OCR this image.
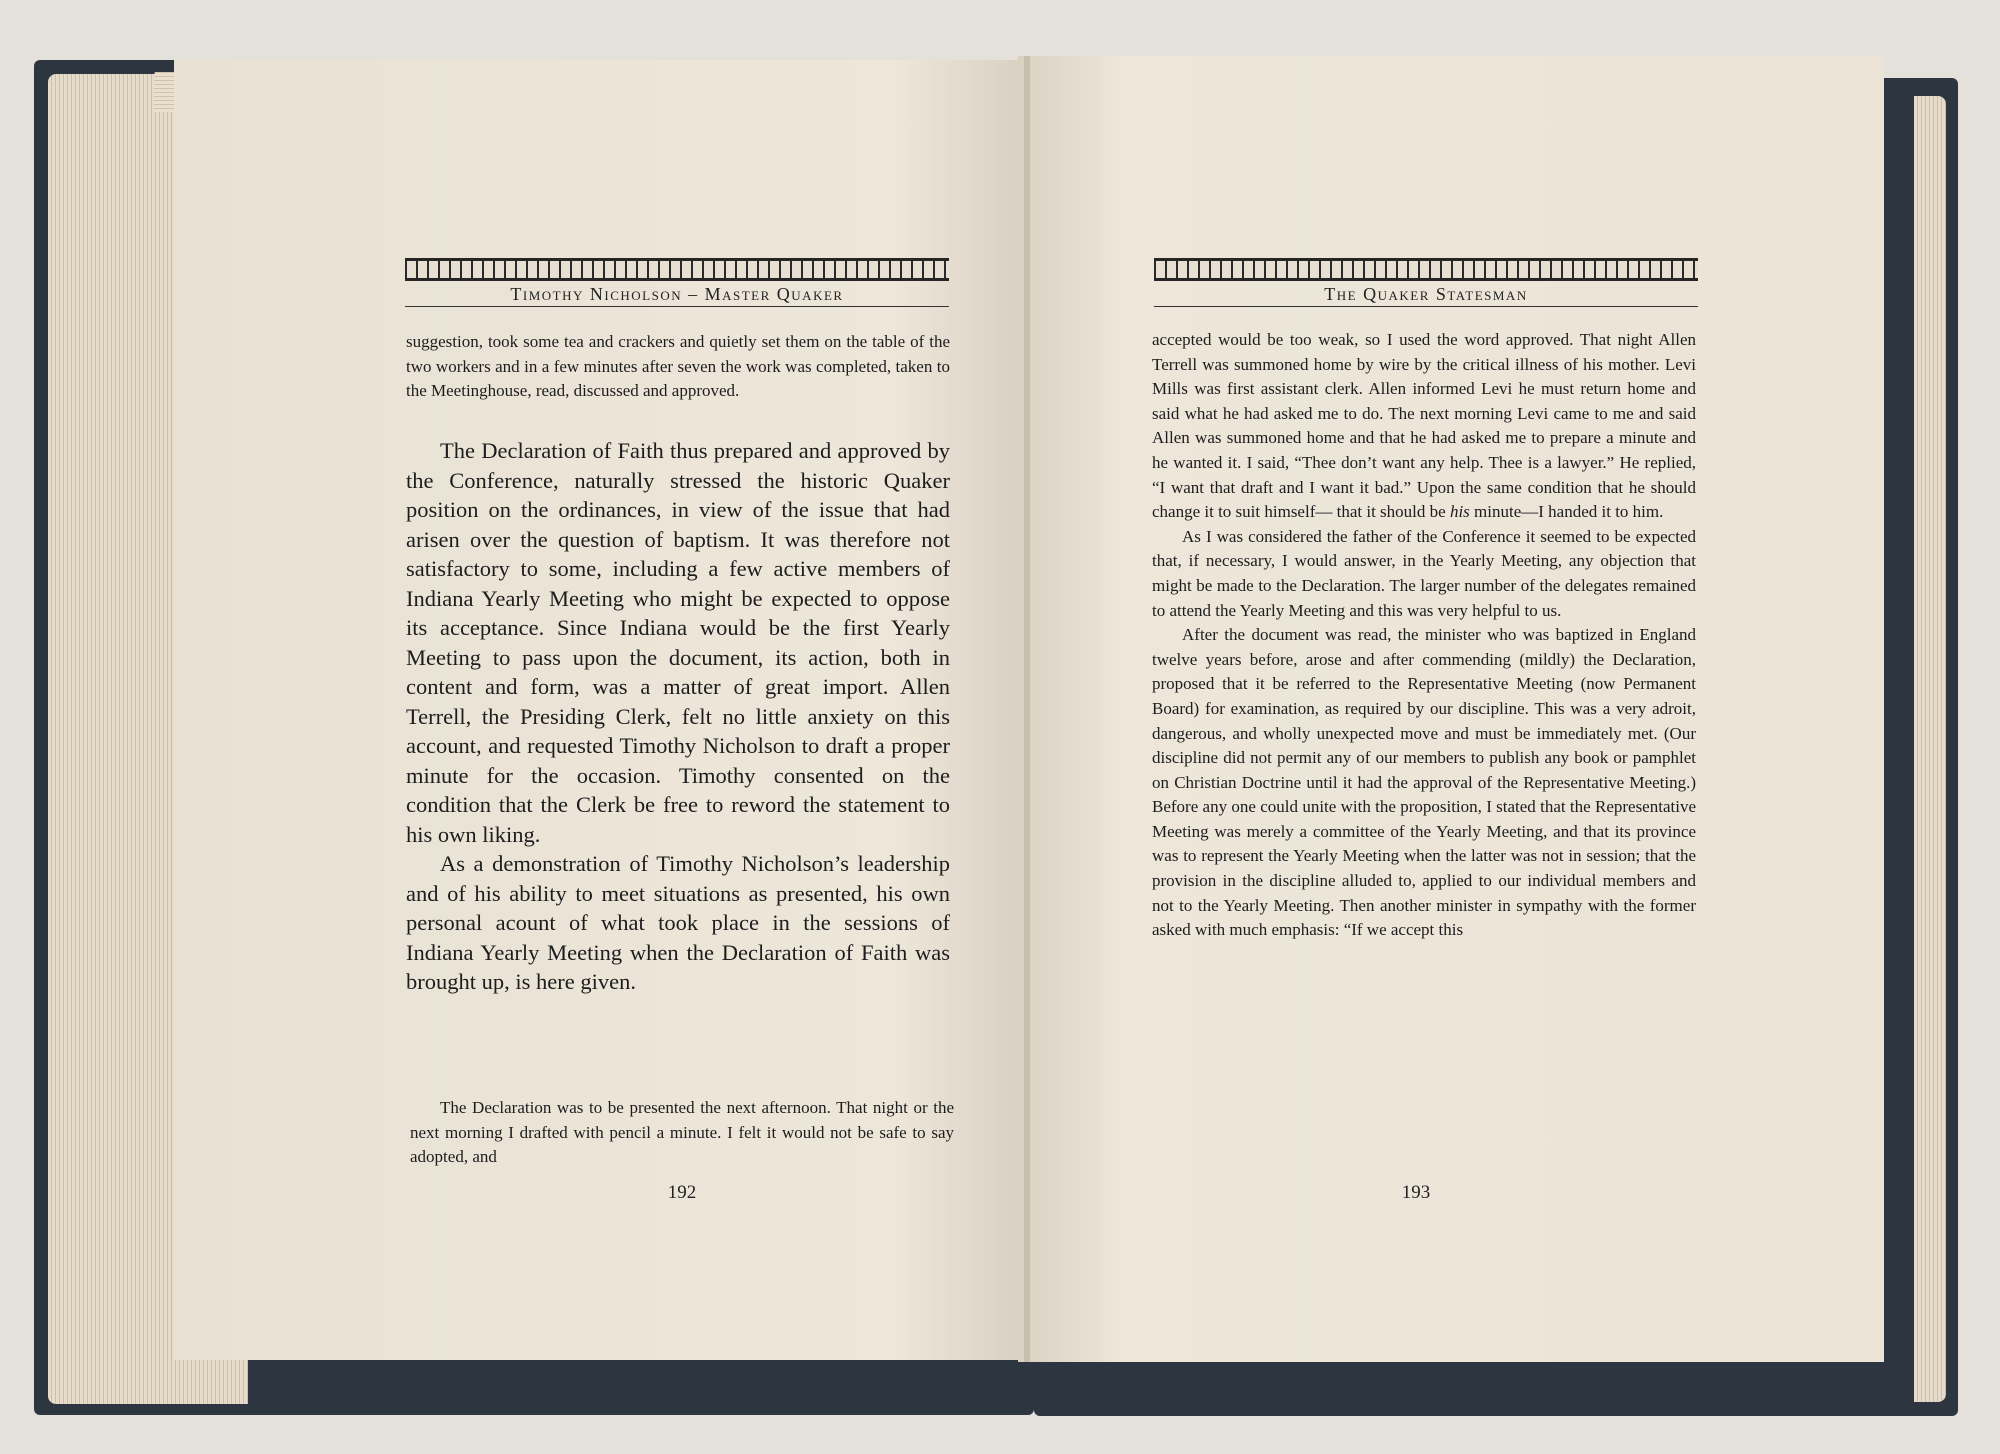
Timothy Nicholson – Master Quaker

suggestion, took some tea and crackers and quietly set them on the table of the two workers and in a few minutes after seven the work was completed, taken to the Meetinghouse, read, discussed and approved.

The Declaration of Faith thus prepared and approved by the Conference, naturally stressed the historic Quaker position on the ordinances, in view of the issue that had arisen over the question of baptism. It was therefore not satisfactory to some, including a few active members of Indiana Yearly Meeting who might be expected to oppose its acceptance. Since Indiana would be the first Yearly Meeting to pass upon the document, its action, both in content and form, was a matter of great import. Allen Terrell, the Presiding Clerk, felt no little anxiety on this account, and requested Timothy Nicholson to draft a proper minute for the occasion. Timothy consented on the condition that the Clerk be free to reword the statement to his own liking.

As a demonstration of Timothy Nicholson’s leadership and of his ability to meet situations as presented, his own personal acount of what took place in the sessions of Indiana Yearly Meeting when the Declaration of Faith was brought up, is here given.

The Declaration was to be presented the next afternoon. That night or the next morning I drafted with pencil a minute. I felt it would not be safe to say adopted, and

192
The Quaker Statesman

accepted would be too weak, so I used the word approved. That night Allen Terrell was summoned home by wire by the critical illness of his mother. Levi Mills was first assistant clerk. Allen informed Levi he must return home and said what he had asked me to do. The next morning Levi came to me and said Allen was summoned home and that he had asked me to prepare a minute and he wanted it. I said, “Thee don’t want any help. Thee is a lawyer.” He replied, “I want that draft and I want it bad.” Upon the same condition that he should change it to suit himself— that it should be his minute—I handed it to him.

As I was considered the father of the Conference it seemed to be expected that, if necessary, I would answer, in the Yearly Meeting, any objection that might be made to the Declaration. The larger number of the delegates remained to attend the Yearly Meeting and this was very helpful to us.

After the document was read, the minister who was baptized in England twelve years before, arose and after commending (mildly) the Declaration, proposed that it be referred to the Representative Meeting (now Permanent Board) for examination, as required by our discipline. This was a very adroit, dangerous, and wholly unexpected move and must be immediately met. (Our discipline did not permit any of our members to publish any book or pamphlet on Christian Doctrine until it had the approval of the Representative Meeting.) Before any one could unite with the proposition, I stated that the Representative Meeting was merely a committee of the Yearly Meeting, and that its province was to represent the Yearly Meeting when the latter was not in session; that the provision in the discipline alluded to, applied to our individual members and not to the Yearly Meeting. Then another minister in sympathy with the former asked with much emphasis: “If we accept this

193
